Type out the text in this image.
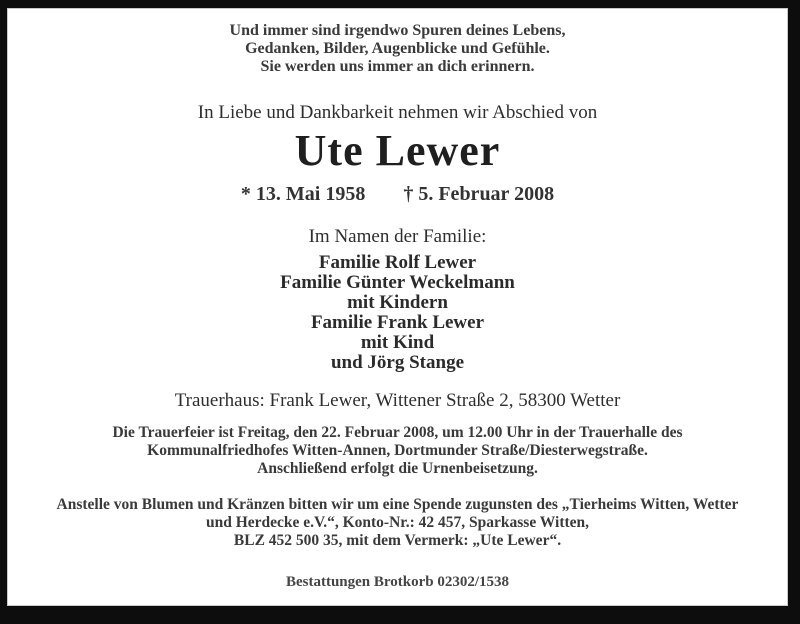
Und immer sind irgendwo Spuren deines Lebens,
Gedanken, Bilder, Augenblicke und Gefühle.
Sie werden uns immer an dich erinnern.
In Liebe und Dankbarkeit nehmen wir Abschied von
Ute Lewer
* 13. Mai 1958 † 5. Februar 2008
Im Namen der Familie:
Familie Rolf Lewer
Familie Günter Weckelmann
mit Kindern
Familie Frank Lewer
mit Kind
und Jörg Stange
Trauerhaus: Frank Lewer, Wittener Straße 2, 58300 Wetter
Die Trauerfeier ist Freitag, den 22. Februar 2008, um 12.00 Uhr in der Trauerhalle des
Kommunalfriedhofes Witten-Annen, Dortmunder Straße/Diesterwegstraße.
Anschließend erfolgt die Urnenbeisetzung.
Anstelle von Blumen und Kränzen bitten wir um eine Spende zugunsten des „Tierheims Witten, Wetter
und Herdecke e.V.“, Konto-Nr.: 42 457, Sparkasse Witten,
BLZ 452 500 35, mit dem Vermerk: „Ute Lewer“.
Bestattungen Brotkorb 02302/1538
